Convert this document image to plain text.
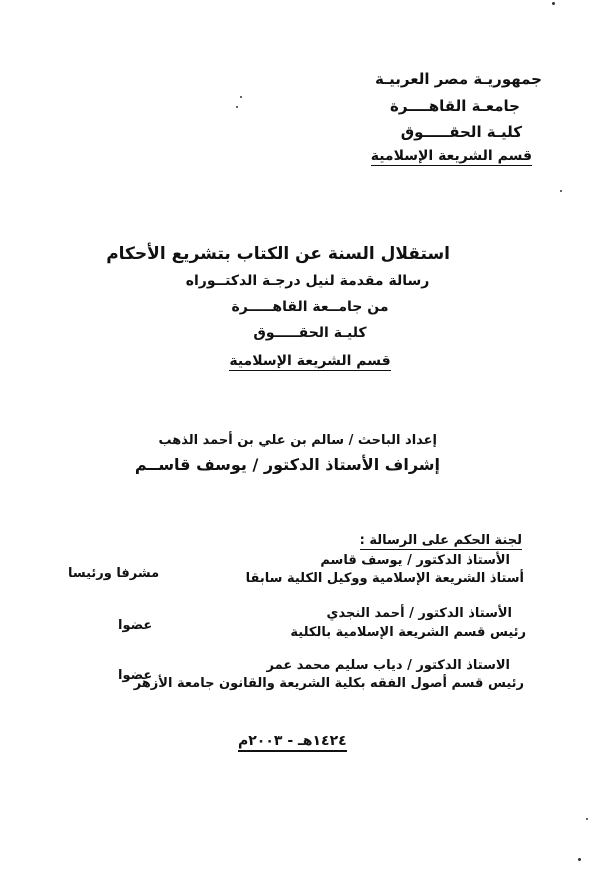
جمهوريـة مصر العربيـة
جامعـة القاهــــرة
كليـة الحقـــــوق
قسم الشريعة الإسلامية
استقلال السنة عن الكتاب بتشريع الأحكام
رسالة مقدمة لنيل درجـة الدكتــوراه
من جامــعة القاهـــــرة
كليـة الحقـــــوق
قسم الشريعة الإسلامية
إعداد الباحث / سالم بن علي بن أحمد الذهب
إشراف الأستاذ الدكتور / يوسف قاســم
لجنة الحكم على الرسالة :
الأستاذ الدكتور / يوسف قاسم
أستاذ الشريعة الإسلامية ووكيل الكلية سابقا
مشرفا ورئيسا
الأستاذ الدكتور / أحمد النجدي
رئيس قسم الشريعة الإسلامية بالكلية
عضوا
الاستاذ الدكتور / دياب سليم محمد عمر
رئيس قسم أصول الفقه بكلية الشريعة والقانون جامعة الأزهر
عضوا
١٤٢٤هـ - ٢٠٠٣م
